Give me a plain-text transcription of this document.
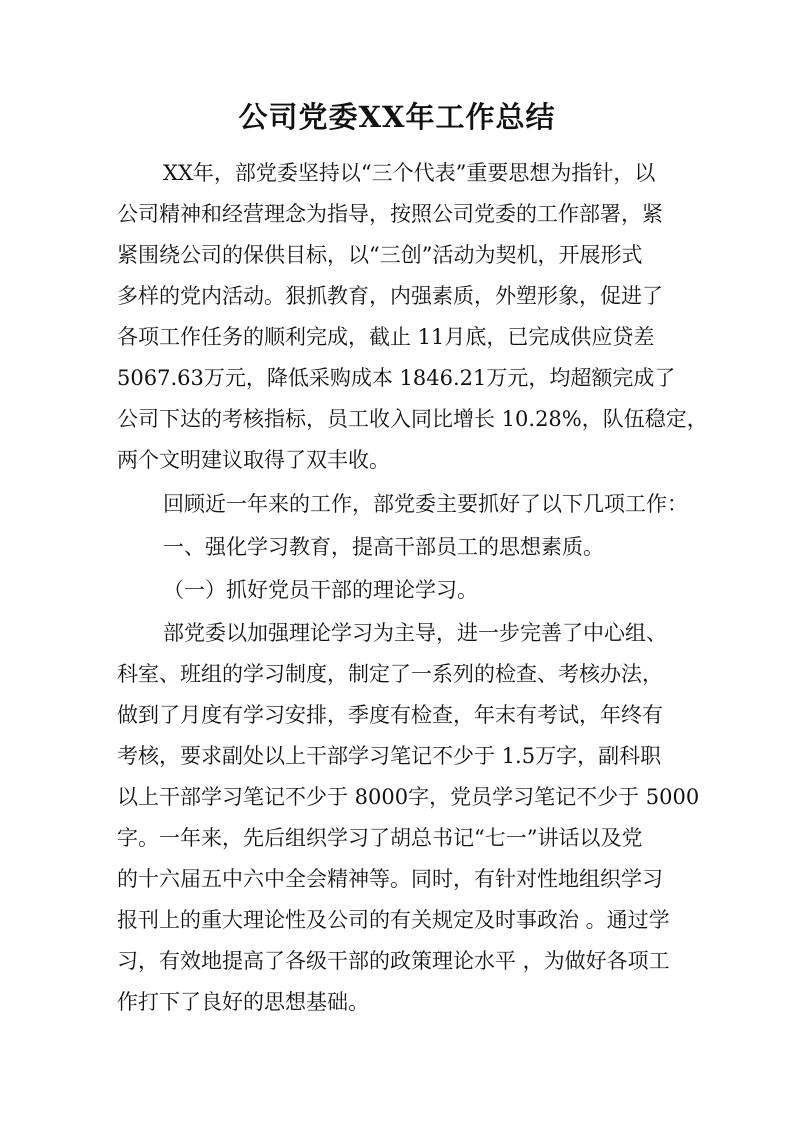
公司党委XX年工作总结
XX年，部党委坚持以“三个代表”重要思想为指针，以
公司精神和经营理念为指导，按照公司党委的工作部署，紧
紧围绕公司的保供目标，以“三创”活动为契机，开展形式
多样的党内活动。狠抓教育，内强素质，外塑形象，促进了
各项工作任务的顺利完成，截止 11月底，已完成供应贷差
5067.63万元，降低采购成本 1846.21万元，均超额完成了
公司下达的考核指标，员工收入同比增长 10.28%，队伍稳定，
两个文明建议取得了双丰收。
回顾近一年来的工作，部党委主要抓好了以下几项工作：
一、强化学习教育，提高干部员工的思想素质。
（一）抓好党员干部的理论学习。
部党委以加强理论学习为主导，进一步完善了中心组、
科室、班组的学习制度，制定了一系列的检查、考核办法，
做到了月度有学习安排，季度有检查，年末有考试，年终有
考核，要求副处以上干部学习笔记不少于 1.5万字，副科职
以上干部学习笔记不少于 8000字，党员学习笔记不少于 5000
字。一年来，先后组织学习了胡总书记“七一”讲话以及党
的十六届五中六中全会精神等。同时，有针对性地组织学习
报刊上的重大理论性及公司的有关规定及时事政治 。通过学
习，有效地提高了各级干部的政策理论水平 ，为做好各项工
作打下了良好的思想基础。
